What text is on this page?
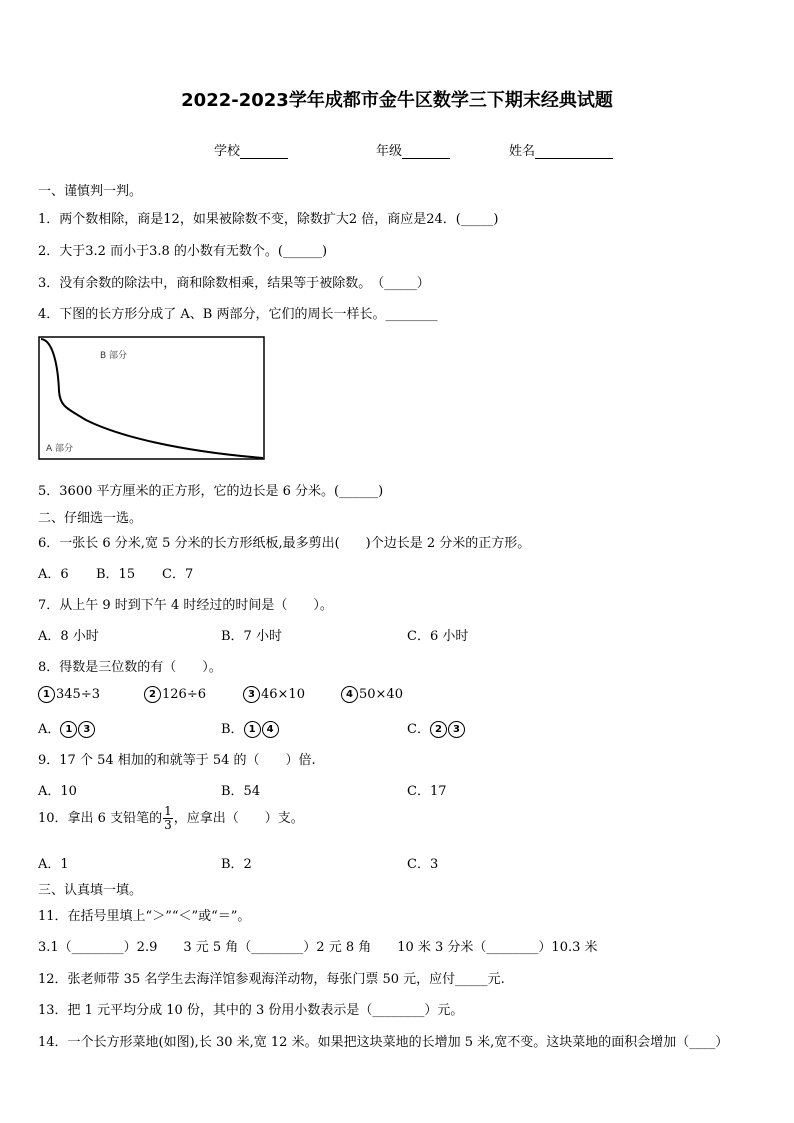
2022-2023学年成都市金牛区数学三下期末经典试题
学校	年级	姓名
一、谨慎判一判。
1．两个数相除，商是12，如果被除数不变，除数扩大2 倍，商应是24．(_____)
2．大于3.2 而小于3.8 的小数有无数个。(______)
3．没有余数的除法中，商和除数相乘，结果等于被除数。　（_____）
4．下图的长方形分成了 A、B 两部分，它们的周长一样长。________
B 部分
A 部分
5．3600 平方厘米的正方形，它的边长是 6 分米。(______)
二、仔细选一选。
6．一张长 6 分米,宽 5 分米的长方形纸板,最多剪出(　　)个边长是 2 分米的正方形。
A．6 B．15 C．7
7．从上午 9 时到下午 4 时经过的时间是（　　）。
A．8 小时	B．7 小时	C．6 小时
8．得数是三位数的有（　　）。
1 345÷3	2 126÷6	3 46×10	4 50×40
A． 1 3	B． 1 4	C． 2 3
9．17 个 54 相加的和就等于 54 的（　　）倍.
A．10	B．54	C．17
10．拿出 6 支铅笔的 $\frac{1}{3}$ ，应拿出（　　）支。
A．1	B．2	C．3
三、认真填一填。
11．在括号里填上“＞”“＜”或“＝”。
3.1（________）2.9　　3 元 5 角（________）2 元 8 角　　10 米 3 分米（________）10.3 米
12．张老师带 35 名学生去海洋馆参观海洋动物，每张门票 50 元，应付_____元.
13．把 1 元平均分成 10 份，其中的 3 份用小数表示是（________）元。
14．一个长方形菜地(如图),长 30 米,宽 12 米。如果把这块菜地的长增加 5 米,宽不变。这块菜地的面积会增加（____）
